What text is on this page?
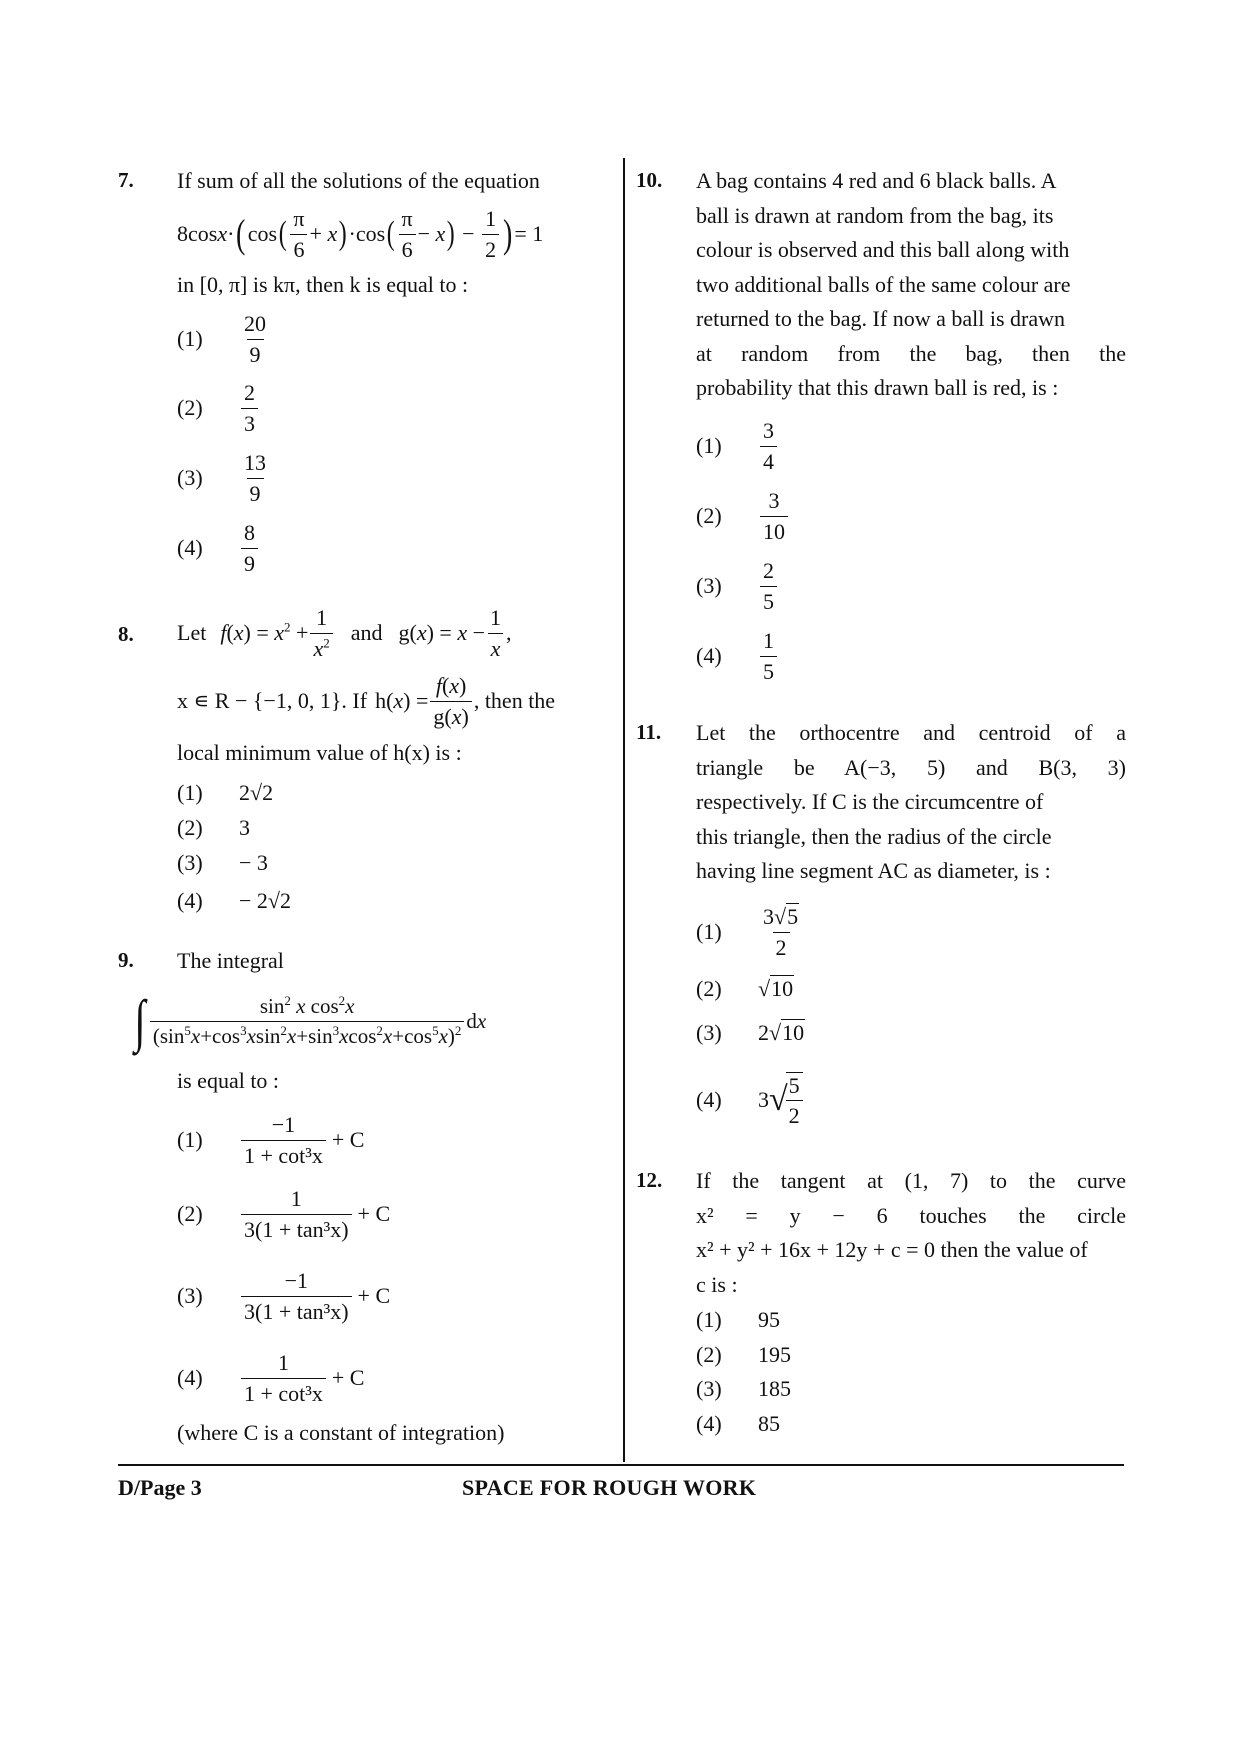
7. If sum of all the solutions of the equation
8cosx· ( cos ( $\frac{\pi}{6} + x$ ) ·cos ( $\frac{\pi}{6} - x$ ) − $\frac{1}{2}$ ) = 1
in [0, π] is kπ, then k is equal to :
(1)	$\frac{20}{9}$
(2)	$\frac{2}{3}$
(3)	$\frac{13}{9}$
(4)	$\frac{8}{9}$
8. Let f $(x) = x^2 + \frac{1}{x^2}$ and $g(x) = x - \frac{1}{x}$ ,
x ∊ R − {−1, 0, 1}. If $h(x) = \frac{f(x)}{g(x)}$ , then the
local minimum value of h(x) is :
(1) 2√2
(2) 3
(3) − 3
(4) − 2√2
9. The integral
∫ $\frac{\sin^2 x \cos^2x}{(\sin^5x+\cos^3xsin^2x+\sin^3xcos^2x+\cos^5x)^2}$ dx
is equal to :
(1)	$\frac{-1}{\text{1 + cot³x}} + C$
(2)	$\frac{1}{\text{3(1 + tan³x)}} + C$
(3)	$\frac{-1}{\text{3(1 + tan³x)}} + C$
(4)	$\frac{1}{\text{1 + cot³x}} + C$
(where C is a constant of integration)
10. A bag contains 4 red and 6 black balls. A
ball is drawn at random from the bag, its
colour is observed and this ball along with
two additional balls of the same colour are
returned to the bag. If now a ball is drawn
at random from the bag, then the
probability that this drawn ball is red, is :
(1)	$\frac{3}{4}$
(2)	$\frac{3}{10}$
(3)	$\frac{2}{5}$
(4)	$\frac{1}{5}$
11. Let the orthocentre and centroid of a
triangle be A(−3, 5) and B(3, 3)
respectively. If C is the circumcentre of
this triangle, then the radius of the circle
having line segment AC as diameter, is :
(1)	$\frac{3√5}{2}$
(2) √10
(3) 2√10
(4)	3 √
$\frac{5}{2}$
12. If the tangent at (1, 7) to the curve
x² = y − 6 touches the circle
x² + y² + 16x + 12y + c = 0 then the value of
c is :
(1) 95
(2) 195
(3) 185
(4) 85
D/Page 3	SPACE FOR ROUGH WORK
